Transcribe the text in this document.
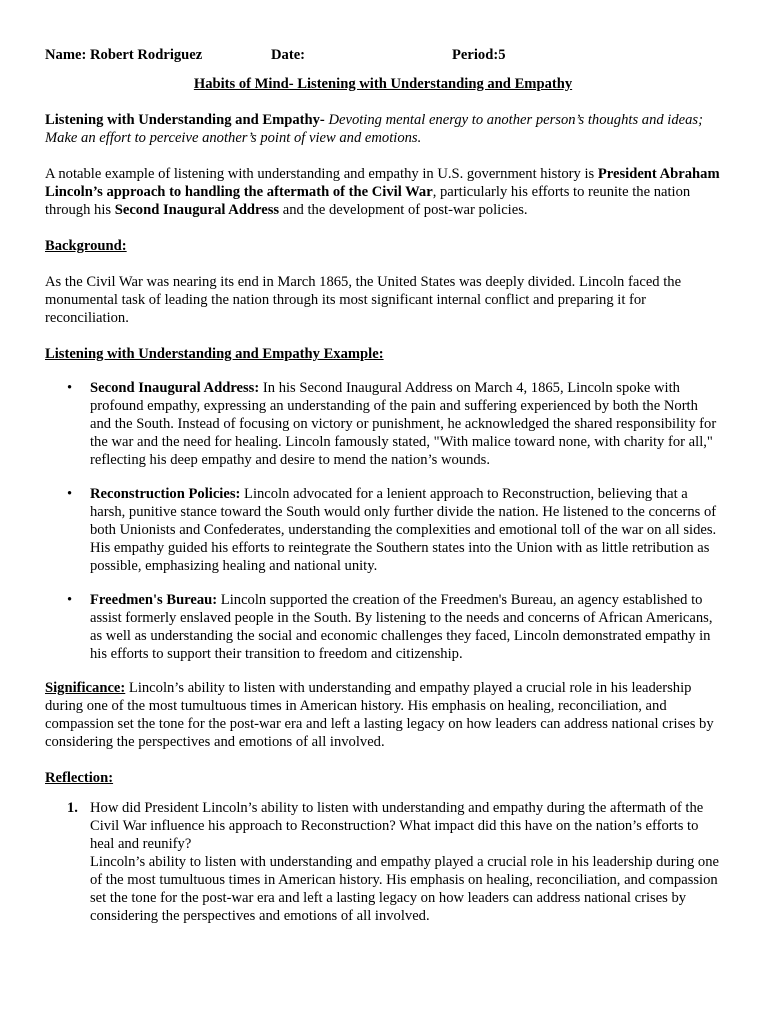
Name: Robert Rodriguez	Date:	Period:5
Habits of Mind- Listening with Understanding and Empathy

Listening with Understanding and Empathy- Devoting mental energy to another person’s thoughts and ideas; Make an effort to perceive another’s point of view and emotions.

A notable example of listening with understanding and empathy in U.S. government history is President Abraham Lincoln’s approach to handling the aftermath of the Civil War, particularly his efforts to reunite the nation through his Second Inaugural Address and the development of post-war policies.

Background:

As the Civil War was nearing its end in March 1865, the United States was deeply divided. Lincoln faced the monumental task of leading the nation through its most significant internal conflict and preparing it for reconciliation.

Listening with Understanding and Empathy Example:

• Second Inaugural Address: In his Second Inaugural Address on March 4, 1865, Lincoln spoke with profound empathy, expressing an understanding of the pain and suffering experienced by both the North and the South. Instead of focusing on victory or punishment, he acknowledged the shared responsibility for the war and the need for healing. Lincoln famously stated, "With malice toward none, with charity for all," reflecting his deep empathy and desire to mend the nation’s wounds.
• Reconstruction Policies: Lincoln advocated for a lenient approach to Reconstruction, believing that a harsh, punitive stance toward the South would only further divide the nation. He listened to the concerns of both Unionists and Confederates, understanding the complexities and emotional toll of the war on all sides. His empathy guided his efforts to reintegrate the Southern states into the Union with as little retribution as possible, emphasizing healing and national unity.
• Freedmen's Bureau: Lincoln supported the creation of the Freedmen's Bureau, an agency established to assist formerly enslaved people in the South. By listening to the needs and concerns of African Americans, as well as understanding the social and economic challenges they faced, Lincoln demonstrated empathy in his efforts to support their transition to freedom and citizenship.

Significance: Lincoln’s ability to listen with understanding and empathy played a crucial role in his leadership during one of the most tumultuous times in American history. His emphasis on healing, reconciliation, and compassion set the tone for the post-war era and left a lasting legacy on how leaders can address national crises by considering the perspectives and emotions of all involved.

Reflection:

1. How did President Lincoln’s ability to listen with understanding and empathy during the aftermath of the Civil War influence his approach to Reconstruction? What impact did this have on the nation’s efforts to heal and reunify?
Lincoln’s ability to listen with understanding and empathy played a crucial role in his leadership during one of the most tumultuous times in American history. His emphasis on healing, reconciliation, and compassion set the tone for the post-war era and left a lasting legacy on how leaders can address national crises by considering the perspectives and emotions of all involved.
